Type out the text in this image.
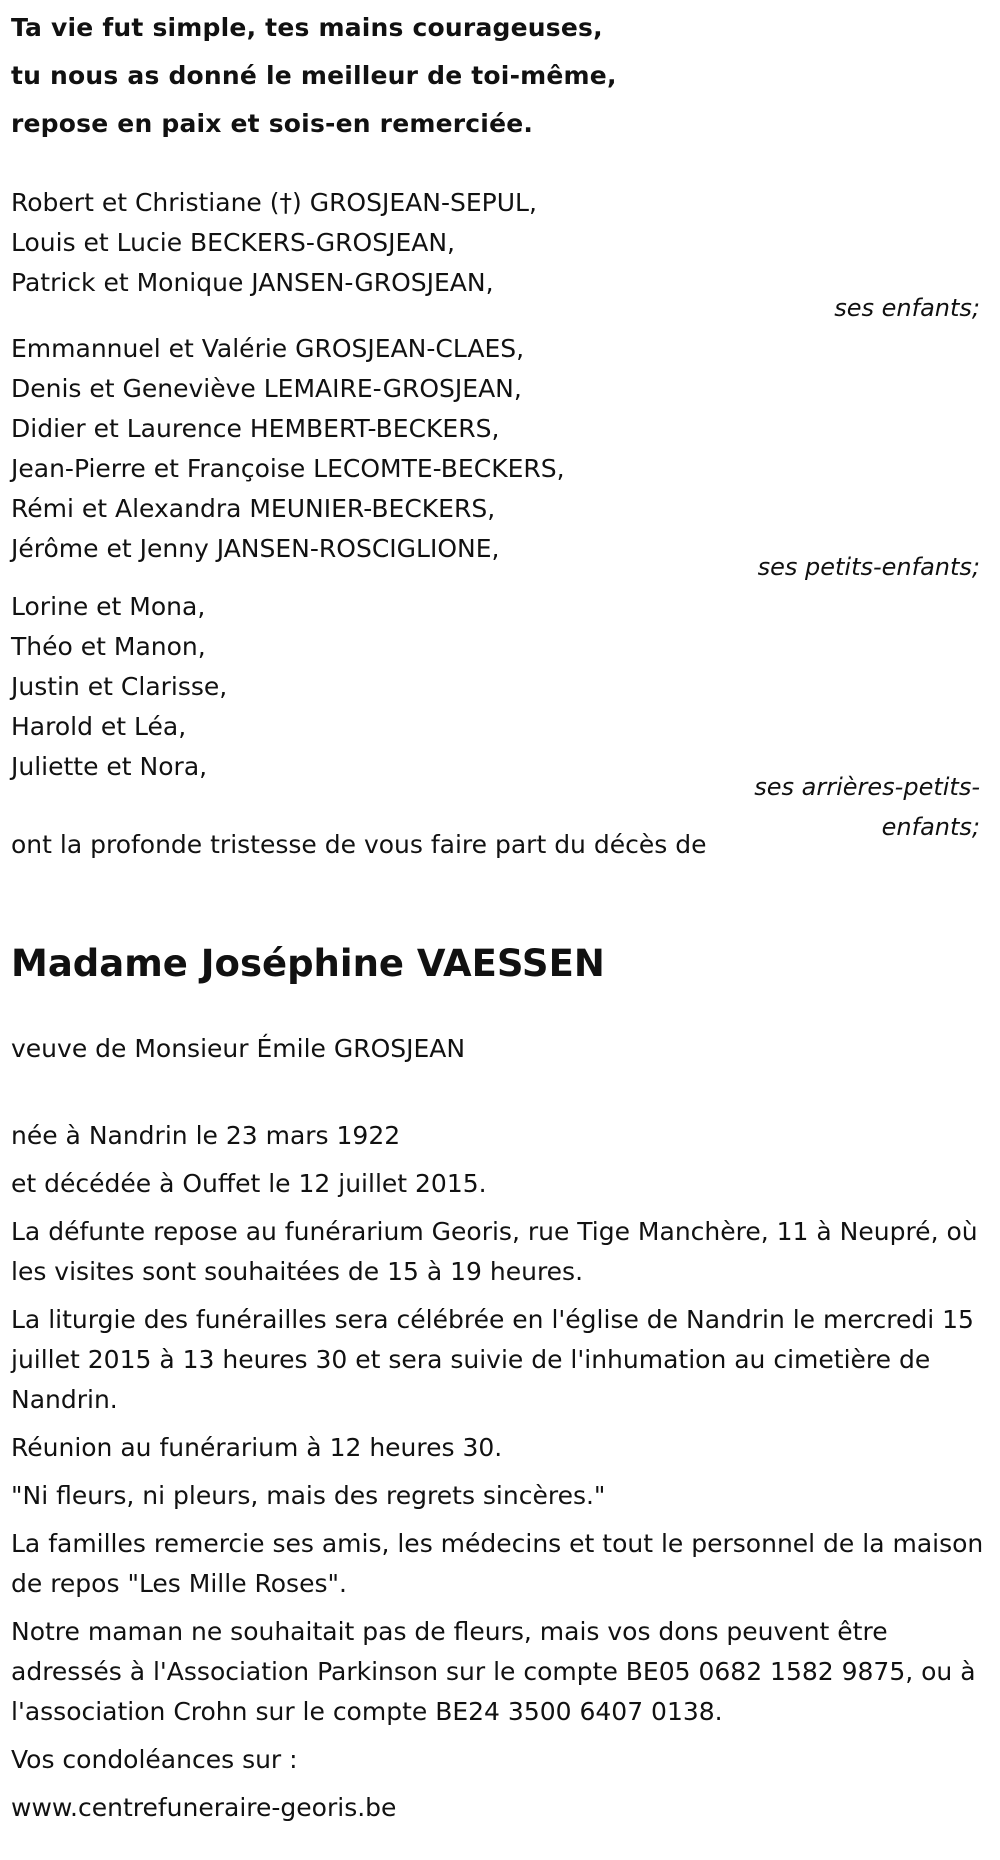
Ta vie fut simple, tes mains courageuses,
tu nous as donné le meilleur de toi-même,
repose en paix et sois-en remerciée.
Robert et Christiane (†) GROSJEAN-SEPUL,
Louis et Lucie BECKERS-GROSJEAN,
Patrick et Monique JANSEN-GROSJEAN,
ses enfants;
Emmannuel et Valérie GROSJEAN-CLAES,
Denis et Geneviève LEMAIRE-GROSJEAN,
Didier et Laurence HEMBERT-BECKERS,
Jean-Pierre et Françoise LECOMTE-BECKERS,
Rémi et Alexandra MEUNIER-BECKERS,
Jérôme et Jenny JANSEN-ROSCIGLIONE,
ses petits-enfants;
Lorine et Mona,
Théo et Manon,
Justin et Clarisse,
Harold et Léa,
Juliette et Nora,
ses arrières-petits-enfants;
ont la profonde tristesse de vous faire part du décès de
Madame Joséphine VAESSEN
veuve de Monsieur Émile GROSJEAN
née à Nandrin le 23 mars 1922
et décédée à Ouffet le 12 juillet 2015.
La défunte repose au funérarium Georis, rue Tige Manchère, 11 à Neupré, où les visites sont souhaitées de 15 à 19 heures.
La liturgie des funérailles sera célébrée en l'église de Nandrin le mercredi 15 juillet 2015 à 13 heures 30 et sera suivie de l'inhumation au cimetière de Nandrin.
Réunion au funérarium à 12 heures 30.
"Ni fleurs, ni pleurs, mais des regrets sincères."
La familles remercie ses amis, les médecins et tout le personnel de la maison de repos "Les Mille Roses".
Notre maman ne souhaitait pas de fleurs, mais vos dons peuvent être adressés à l'Association Parkinson sur le compte BE05 0682 1582 9875, ou à l'association Crohn sur le compte BE24 3500 6407 0138.
Vos condoléances sur :
www.centrefuneraire-georis.be
